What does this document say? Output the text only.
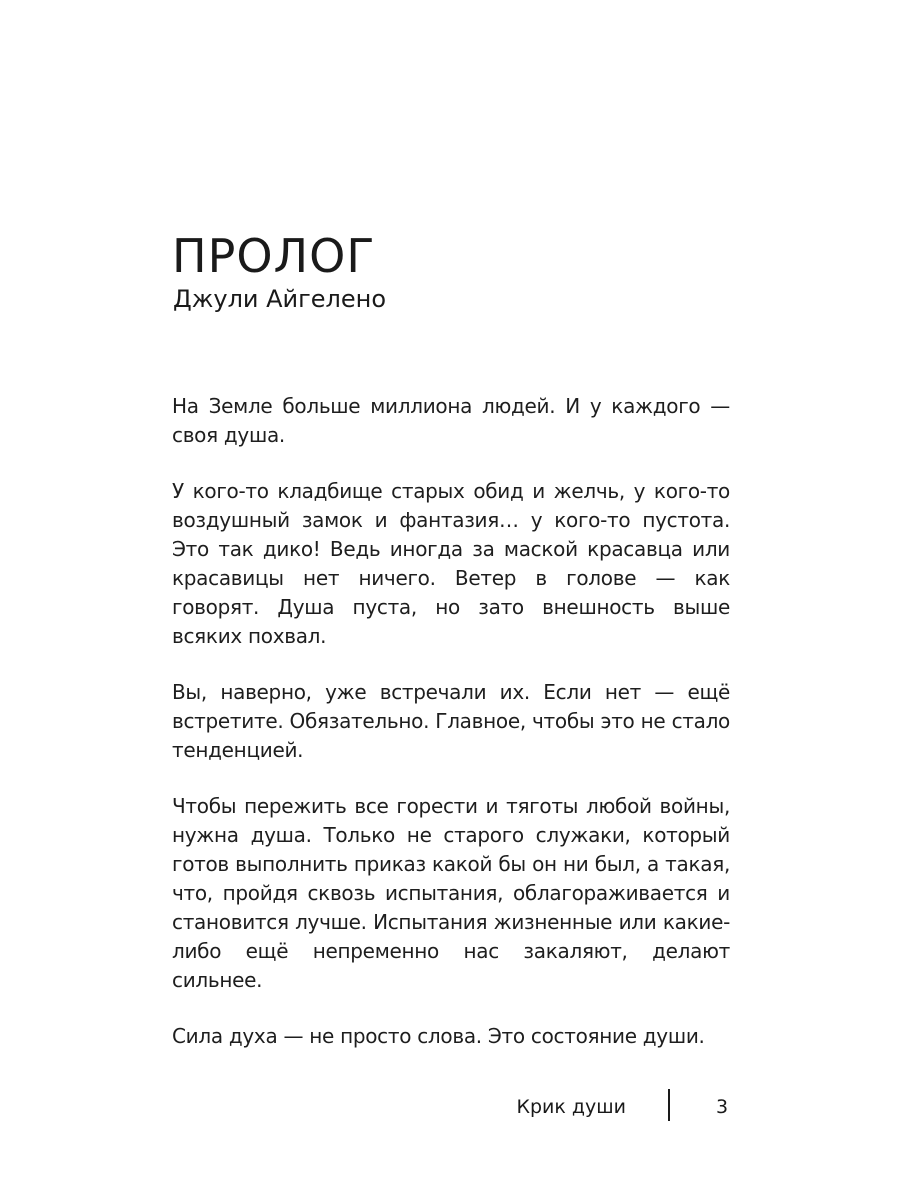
ПРОЛОГ
Джули Айгелено

На Земле больше миллиона людей. И у каждого — своя душа.

У кого-то кладбище старых обид и желчь, у кого-то воздушный замок и фантазия… у кого-то пустота. Это так дико! Ведь иногда за маской красавца или красавицы нет ничего. Ветер в голове — как говорят. Душа пуста, но зато внешность выше всяких похвал.

Вы, наверно, уже встречали их. Если нет — ещё встретите. Обязательно. Главное, чтобы это не стало тенденцией.

Чтобы пережить все горести и тяготы любой войны, нужна душа. Только не старого служаки, который готов выполнить приказ какой бы он ни был, а такая, что, пройдя сквозь испытания, облагораживается и становится лучше. Испытания жизненные или какие-либо ещё непременно нас закаляют, делают сильнее.

Сила духа — не просто слова. Это состояние души.

Крик души	3
